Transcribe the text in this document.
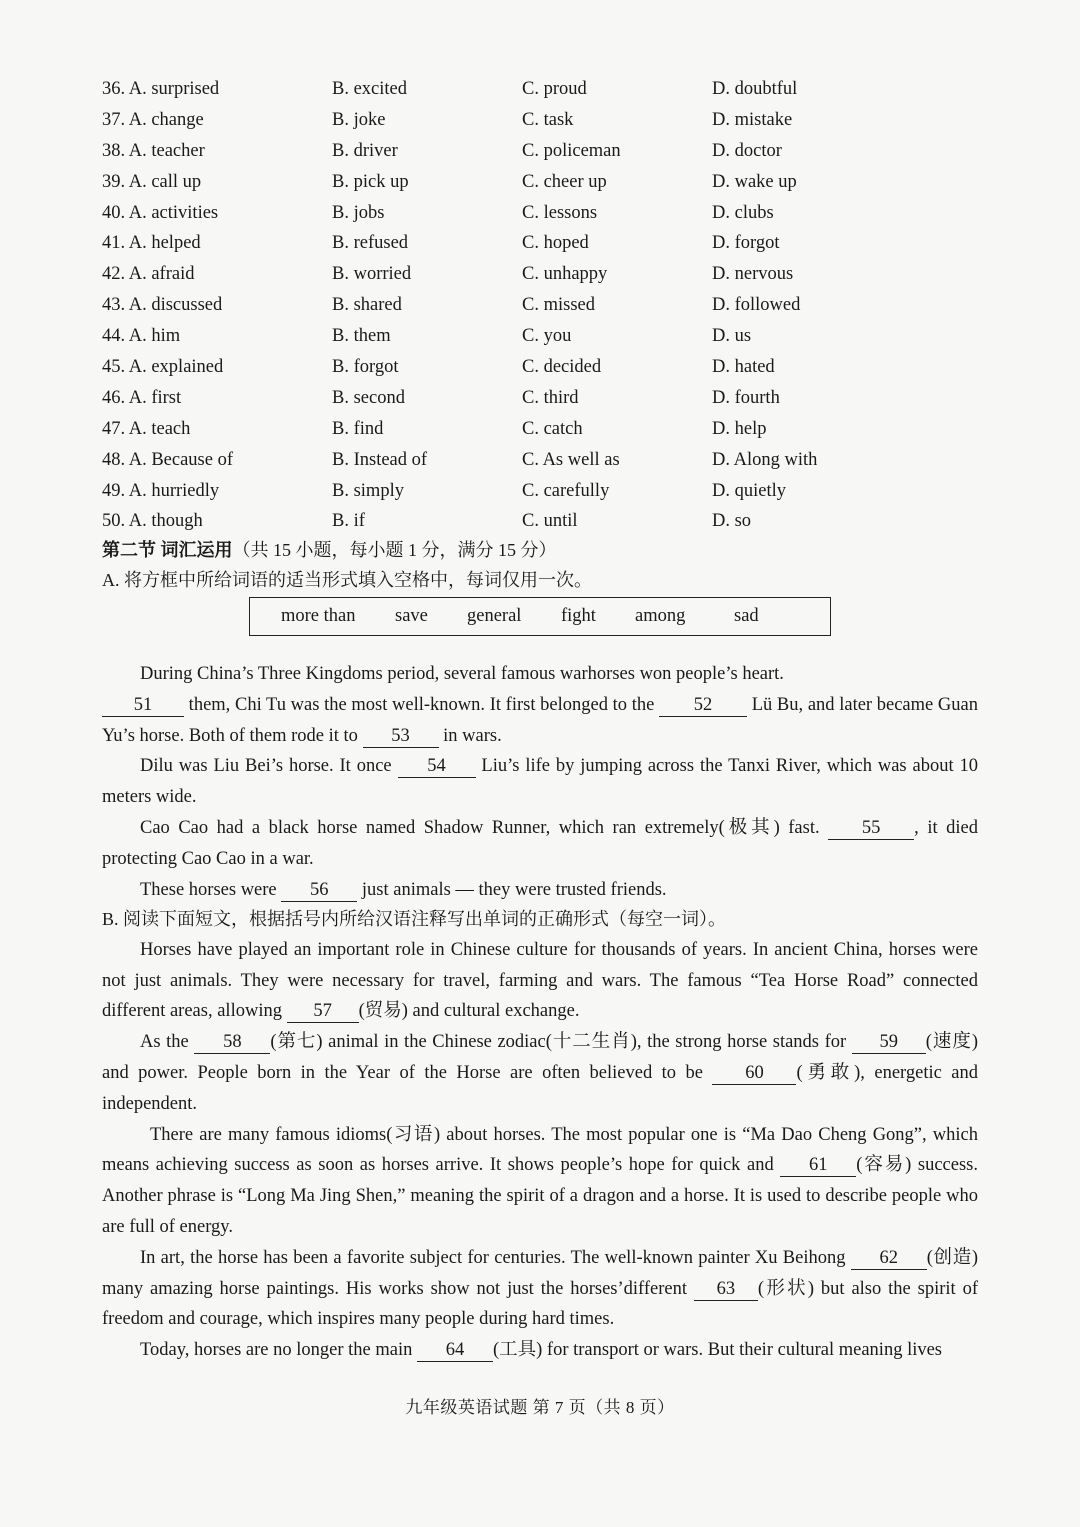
36. A. surprised	B. excited	C. proud	D. doubtful
37. A. change	B. joke	C. task	D. mistake
38. A. teacher	B. driver	C. policeman	D. doctor
39. A. call up	B. pick up	C. cheer up	D. wake up
40. A. activities	B. jobs	C. lessons	D. clubs
41. A. helped	B. refused	C. hoped	D. forgot
42. A. afraid	B. worried	C. unhappy	D. nervous
43. A. discussed	B. shared	C. missed	D. followed
44. A. him	B. them	C. you	D. us
45. A. explained	B. forgot	C. decided	D. hated
46. A. first	B. second	C. third	D. fourth
47. A. teach	B. find	C. catch	D. help
48. A. Because of	B. Instead of	C. As well as	D. Along with
49. A. hurriedly	B. simply	C. carefully	D. quietly
50. A. though	B. if	C. until	D. so
第二节 词汇运用（共 15 小题，每小题 1 分，满分 15 分）
A. 将方框中所给词语的适当形式填入空格中，每词仅用一次。
more than save general fight among	sad

During China’s Three Kingdoms period, several famous warhorses won people’s heart.

51 them, Chi Tu was the most well-known. It first belonged to the 52 Lü Bu, and later became Guan Yu’s horse. Both of them rode it to 53 in wars.

Dilu was Liu Bei’s horse. It once 54 Liu’s life by jumping across the Tanxi River, which was about 10 meters wide.

Cao Cao had a black horse named Shadow Runner, which ran extremely(极其) fast. 55 , it died protecting Cao Cao in a war.

These horses were 56 just animals — they were trusted friends.

B. 阅读下面短文，根据括号内所给汉语注释写出单词的正确形式（每空一词）。

Horses have played an important role in Chinese culture for thousands of years. In ancient China, horses were not just animals. They were necessary for travel, farming and wars. The famous “Tea Horse Road” connected different areas, allowing 57 (贸易) and cultural exchange.

As the 58 (第七) animal in the Chinese zodiac(十二生肖), the strong horse stands for 59 (速度) and power. People born in the Year of the Horse are often believed to be 60 (勇敢), energetic and independent.

There are many famous idioms(习语) about horses. The most popular one is “Ma Dao Cheng Gong”, which means achieving success as soon as horses arrive. It shows people’s hope for quick and 61 (容易) success. Another phrase is “Long Ma Jing Shen,” meaning the spirit of a dragon and a horse. It is used to describe people who are full of energy.

In art, the horse has been a favorite subject for centuries. The well-known painter Xu Beihong 62 (创造) many amazing horse paintings. His works show not just the horses’different 63 (形状) but also the spirit of freedom and courage, which inspires many people during hard times.

Today, horses are no longer the main 64 (工具) for transport or wars. But their cultural meaning lives

九年级英语试题 第 7 页（共 8 页）
